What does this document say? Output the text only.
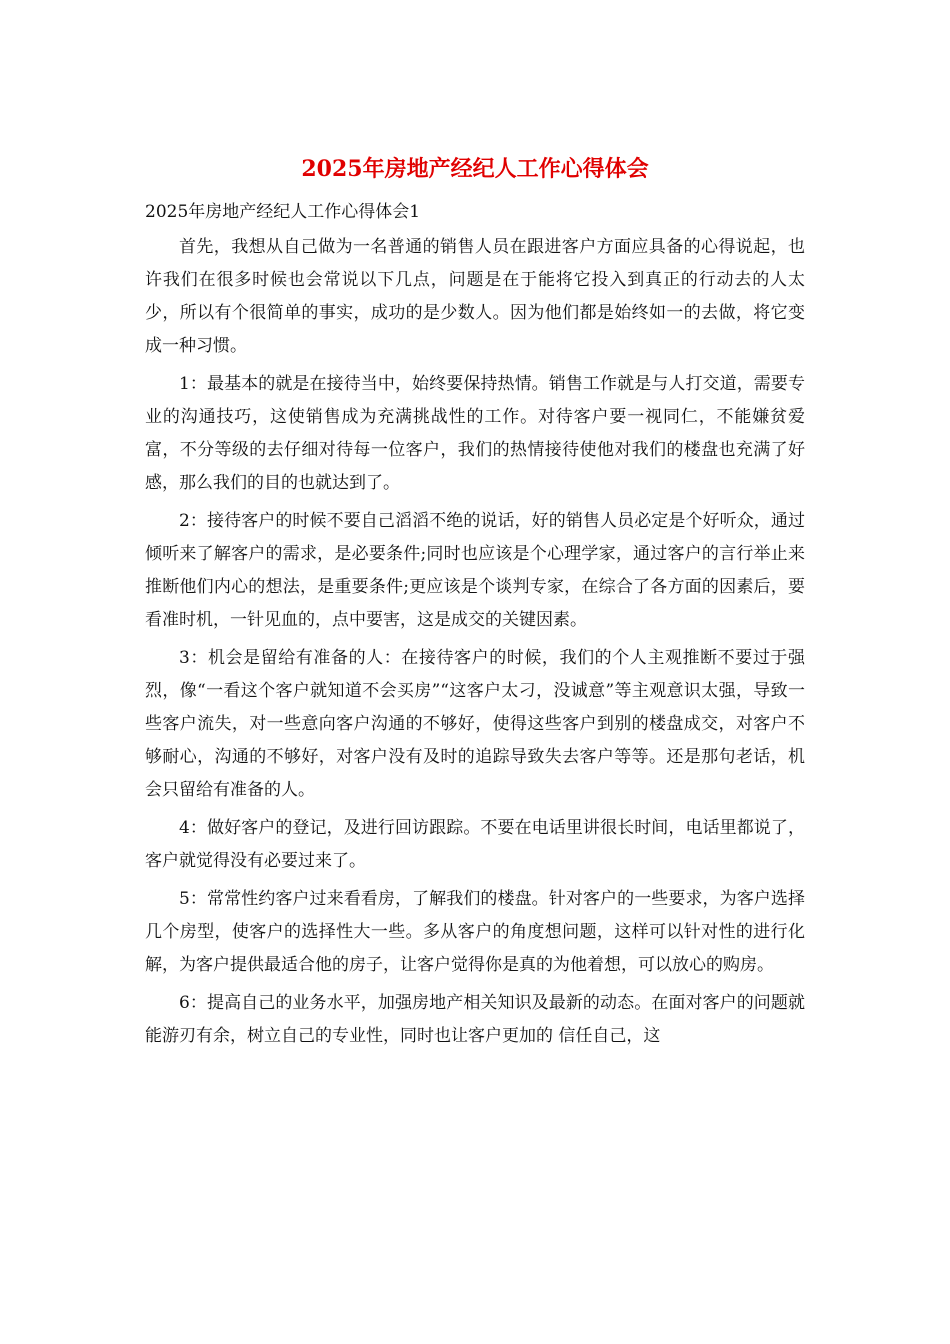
2025年房地产经纪人工作心得体会

2025年房地产经纪人工作心得体会1

首先，我想从自己做为一名普通的销售人员在跟进客户方面应具备的心得说起，也许我们在很多时候也会常说以下几点，问题是在于能将它投入到真正的行动去的人太少，所以有个很简单的事实，成功的是少数人。因为他们都是始终如一的去做，将它变成一种习惯。

1：最基本的就是在接待当中，始终要保持热情。销售工作就是与人打交道，需要专业的沟通技巧，这使销售成为充满挑战性的工作。对待客户要一视同仁，不能嫌贫爱富，不分等级的去仔细对待每一位客户，我们的热情接待使他对我们的楼盘也充满了好感，那么我们的目的也就达到了。

2：接待客户的时候不要自己滔滔不绝的说话，好的销售人员必定是个好听众，通过倾听来了解客户的需求，是必要条件;同时也应该是个心理学家，通过客户的言行举止来推断他们内心的想法，是重要条件;更应该是个谈判专家，在综合了各方面的因素后，要看准时机，一针见血的，点中要害，这是成交的关键因素。

3：机会是留给有准备的人：在接待客户的时候，我们的个人主观推断不要过于强烈，像“一看这个客户就知道不会买房”“这客户太刁，没诚意”等主观意识太强，导致一些客户流失，对一些意向客户沟通的不够好，使得这些客户到别的楼盘成交，对客户不够耐心，沟通的不够好，对客户没有及时的追踪导致失去客户等等。还是那句老话，机会只留给有准备的人。

4：做好客户的登记，及进行回访跟踪。不要在电话里讲很长时间，电话里都说了，客户就觉得没有必要过来了。

5：常常性约客户过来看看房，了解我们的楼盘。针对客户的一些要求，为客户选择几个房型，使客户的选择性大一些。多从客户的角度想问题，这样可以针对性的进行化解，为客户提供最适合他的房子，让客户觉得你是真的为他着想，可以放心的购房。

6：提高自己的业务水平，加强房地产相关知识及最新的动态。在面对客户的问题就能游刃有余，树立自己的专业性，同时也让客户更加的 信任自己，这
